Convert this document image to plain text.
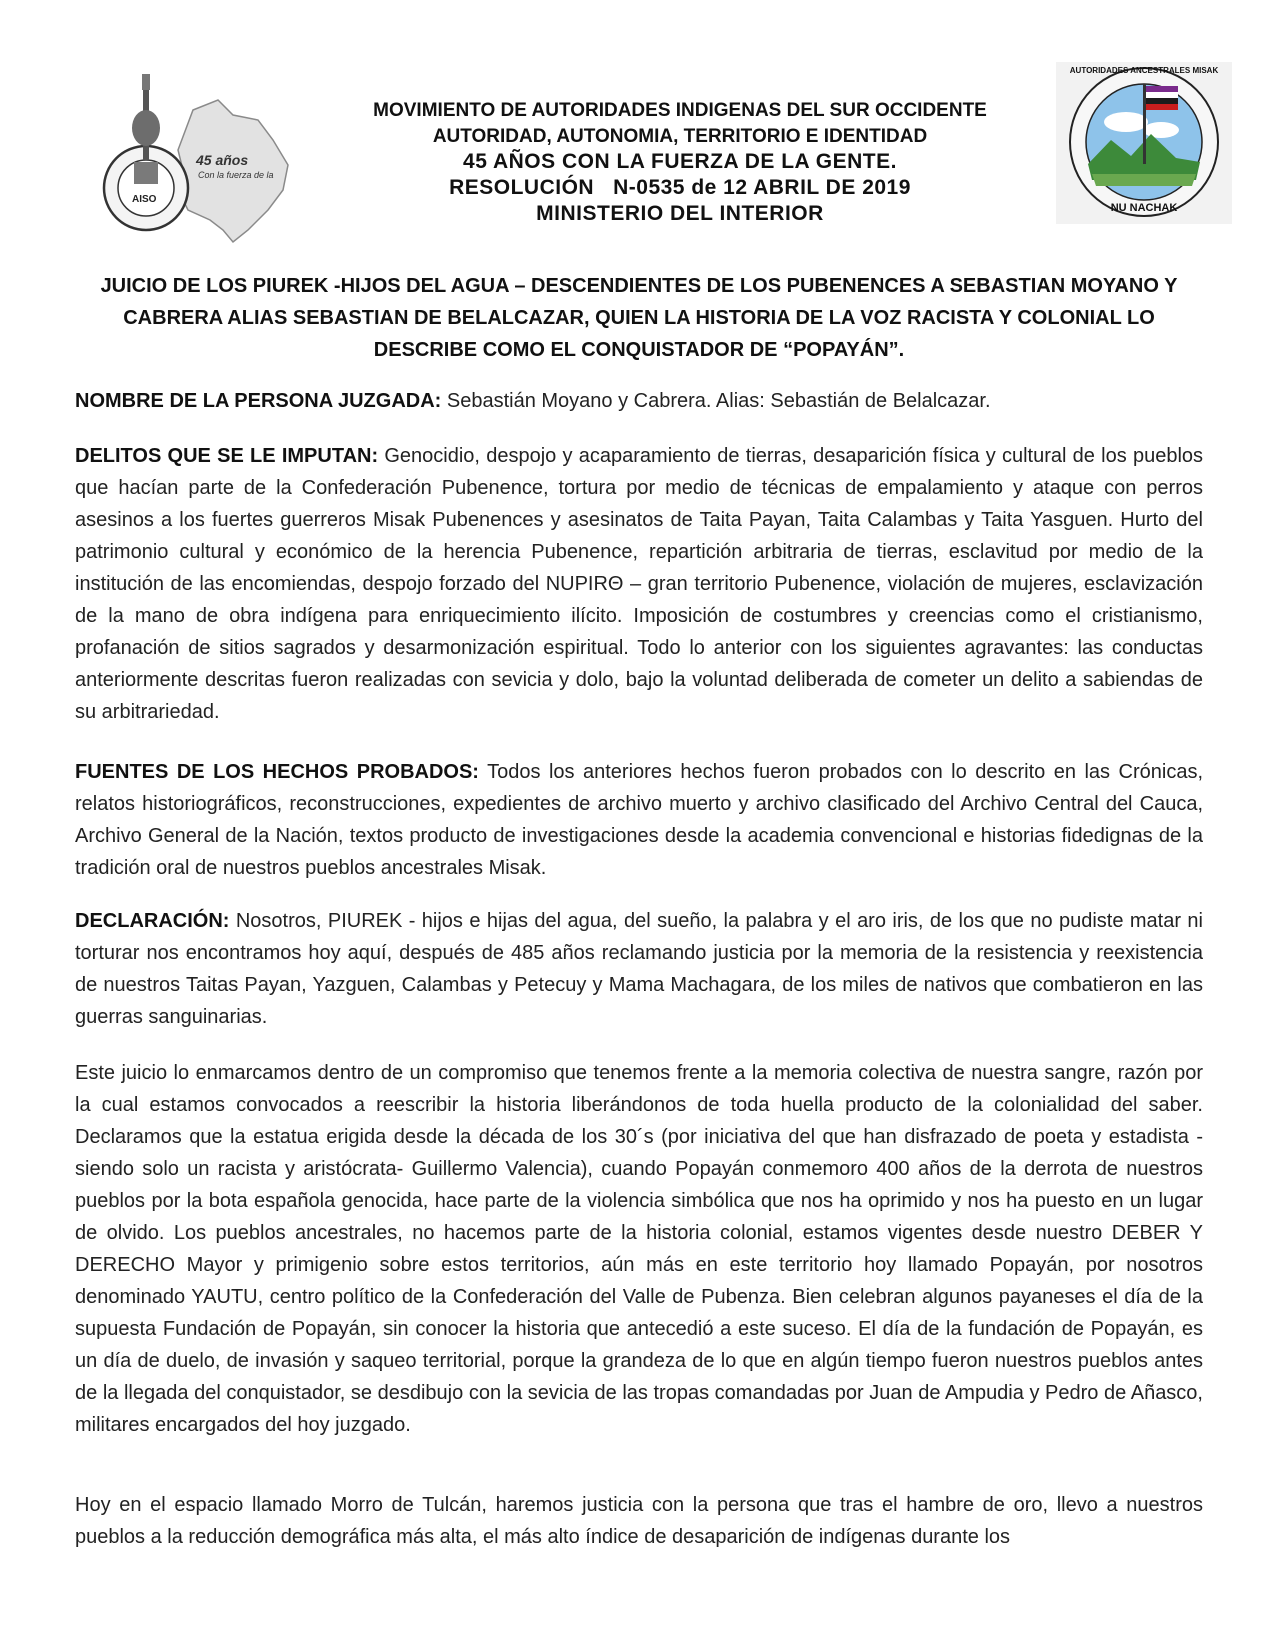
AISO
45 años
Con la fuerza de la
AUTORIDADES ANCESTRALES MISAK
NU NACHAK
MOVIMIENTO DE AUTORIDADES INDIGENAS DEL SUR OCCIDENTE
AUTORIDAD, AUTONOMIA, TERRITORIO E IDENTIDAD
45 AÑOS CON LA FUERZA DE LA GENTE.
RESOLUCIÓN   N-0535 de 12 ABRIL DE 2019
MINISTERIO DEL INTERIOR
JUICIO DE LOS PIUREK -HIJOS DEL AGUA – DESCENDIENTES DE LOS PUBENENCES A SEBASTIAN MOYANO Y CABRERA ALIAS SEBASTIAN DE BELALCAZAR, QUIEN LA HISTORIA DE LA VOZ RACISTA Y COLONIAL LO DESCRIBE COMO EL CONQUISTADOR DE “POPAYÁN”.
NOMBRE DE LA PERSONA JUZGADA: Sebastián Moyano y Cabrera. Alias: Sebastián de Belalcazar.
DELITOS QUE SE LE IMPUTAN: Genocidio, despojo y acaparamiento de tierras, desaparición física y cultural de los pueblos que hacían parte de la Confederación Pubenence, tortura por medio de técnicas de empalamiento y ataque con perros asesinos a los fuertes guerreros Misak Pubenences y asesinatos de Taita Payan, Taita Calambas y Taita Yasguen. Hurto del patrimonio cultural y económico de la herencia Pubenence, repartición arbitraria de tierras, esclavitud por medio de la institución de las encomiendas, despojo forzado del NUPIRΘ – gran territorio Pubenence, violación de mujeres, esclavización de la mano de obra indígena para enriquecimiento ilícito. Imposición de costumbres y creencias como el cristianismo, profanación de sitios sagrados y desarmonización espiritual. Todo lo anterior con los siguientes agravantes: las conductas anteriormente descritas fueron realizadas con sevicia y dolo, bajo la voluntad deliberada de cometer un delito a sabiendas de su arbitrariedad.
FUENTES DE LOS HECHOS PROBADOS: Todos los anteriores hechos fueron probados con lo descrito en las Crónicas, relatos historiográficos, reconstrucciones, expedientes de archivo muerto y archivo clasificado del Archivo Central del Cauca, Archivo General de la Nación, textos producto de investigaciones desde la academia convencional e historias fidedignas de la tradición oral de nuestros pueblos ancestrales Misak.
DECLARACIÓN: Nosotros, PIUREK - hijos e hijas del agua, del sueño, la palabra y el aro iris, de los que no pudiste matar ni torturar nos encontramos hoy aquí, después de 485 años reclamando justicia por la memoria de la resistencia y reexistencia de nuestros Taitas Payan, Yazguen, Calambas y Petecuy y Mama Machagara, de los miles de nativos que combatieron en las guerras sanguinarias.
Este juicio lo enmarcamos dentro de un compromiso que tenemos frente a la memoria colectiva de nuestra sangre, razón por la cual estamos convocados a reescribir la historia liberándonos de toda huella producto de la colonialidad del saber. Declaramos que la estatua erigida desde la década de los 30´s (por iniciativa del que han disfrazado de poeta y estadista -siendo solo un racista y aristócrata- Guillermo Valencia), cuando Popayán conmemoro 400 años de la derrota de nuestros pueblos por la bota española genocida, hace parte de la violencia simbólica que nos ha oprimido y nos ha puesto en un lugar de olvido. Los pueblos ancestrales, no hacemos parte de la historia colonial, estamos vigentes desde nuestro DEBER Y DERECHO Mayor y primigenio sobre estos territorios, aún más en este territorio hoy llamado Popayán, por nosotros denominado YAUTU, centro político de la Confederación del Valle de Pubenza. Bien celebran algunos payaneses el día de la supuesta Fundación de Popayán, sin conocer la historia que antecedió a este suceso. El día de la fundación de Popayán, es un día de duelo, de invasión y saqueo territorial, porque la grandeza de lo que en algún tiempo fueron nuestros pueblos antes de la llegada del conquistador, se desdibujo con la sevicia de las tropas comandadas por Juan de Ampudia y Pedro de Añasco, militares encargados del hoy juzgado.
Hoy en el espacio llamado Morro de Tulcán, haremos justicia con la persona que tras el hambre de oro, llevo a nuestros pueblos a la reducción demográfica más alta, el más alto índice de desaparición de indígenas durante los
